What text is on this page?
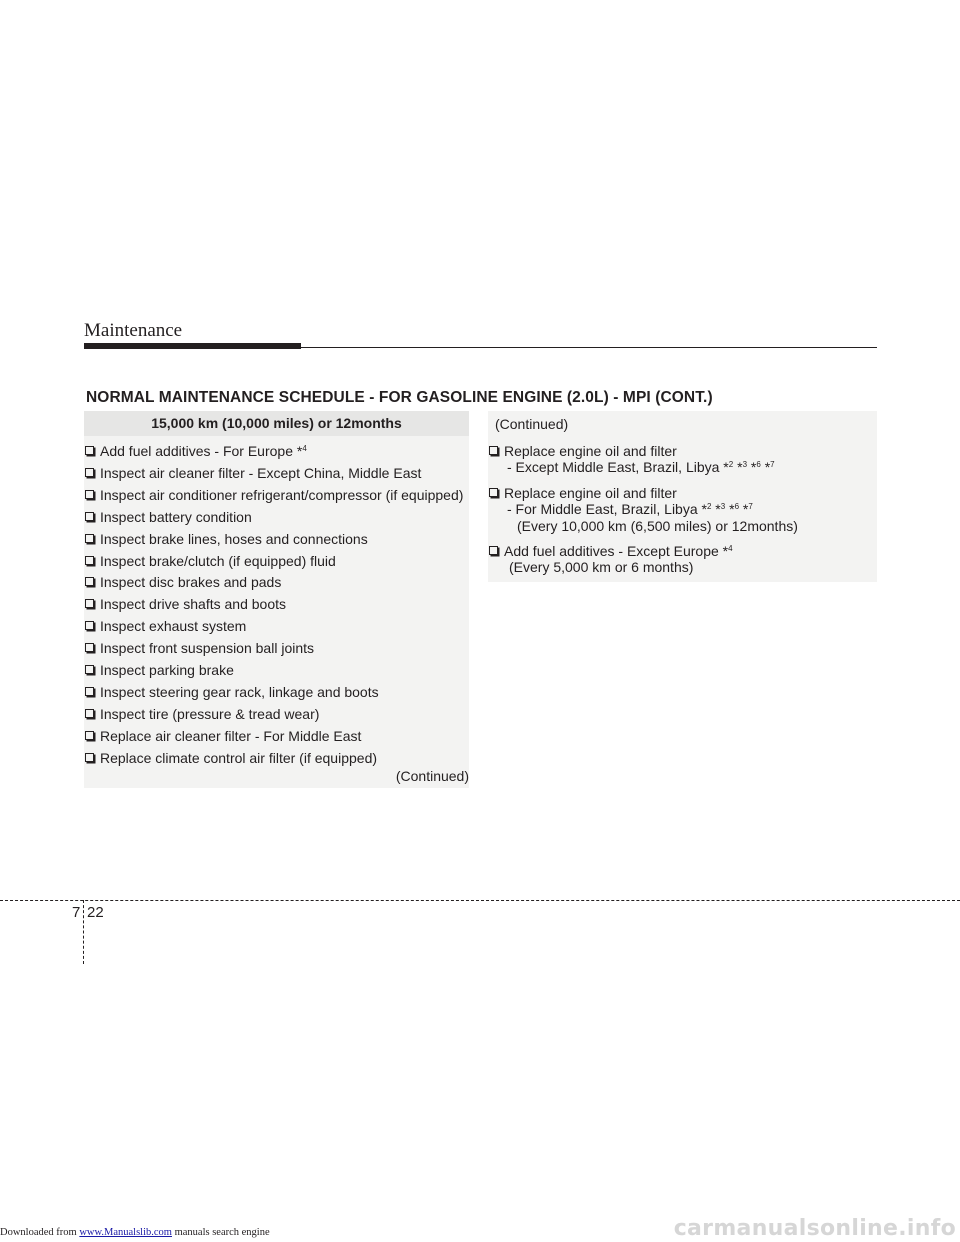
Maintenance
NORMAL MAINTENANCE SCHEDULE - FOR GASOLINE ENGINE (2.0L) - MPI (CONT.)
15,000 km (10,000 miles) or 12months
Add fuel additives - For Europe *$^4$
Inspect air cleaner filter - Except China, Middle East
Inspect air conditioner refrigerant/compressor (if equipped)
Inspect battery condition
Inspect brake lines, hoses and connections
Inspect brake/clutch (if equipped) fluid
Inspect disc brakes and pads
Inspect drive shafts and boots
Inspect exhaust system
Inspect front suspension ball joints
Inspect parking brake
Inspect steering gear rack, linkage and boots
Inspect tire (pressure & tread wear)
Replace air cleaner filter - For Middle East
Replace climate control air filter (if equipped)
(Continued)
(Continued)
Replace engine oil and filter
- Except Middle East, Brazil, Libya *$^2$ *$^3$ *$^6$ *$^7$
Replace engine oil and filter
- For Middle East, Brazil, Libya *$^2$ *$^3$ *$^6$ *$^7$
(Every 10,000 km (6,500 miles) or 12months)
Add fuel additives - Except Europe *$^4$
(Every 5,000 km or 6 months)
7 22
Downloaded from www.Manualslib.com manuals search engine	carmanualsonline.info
